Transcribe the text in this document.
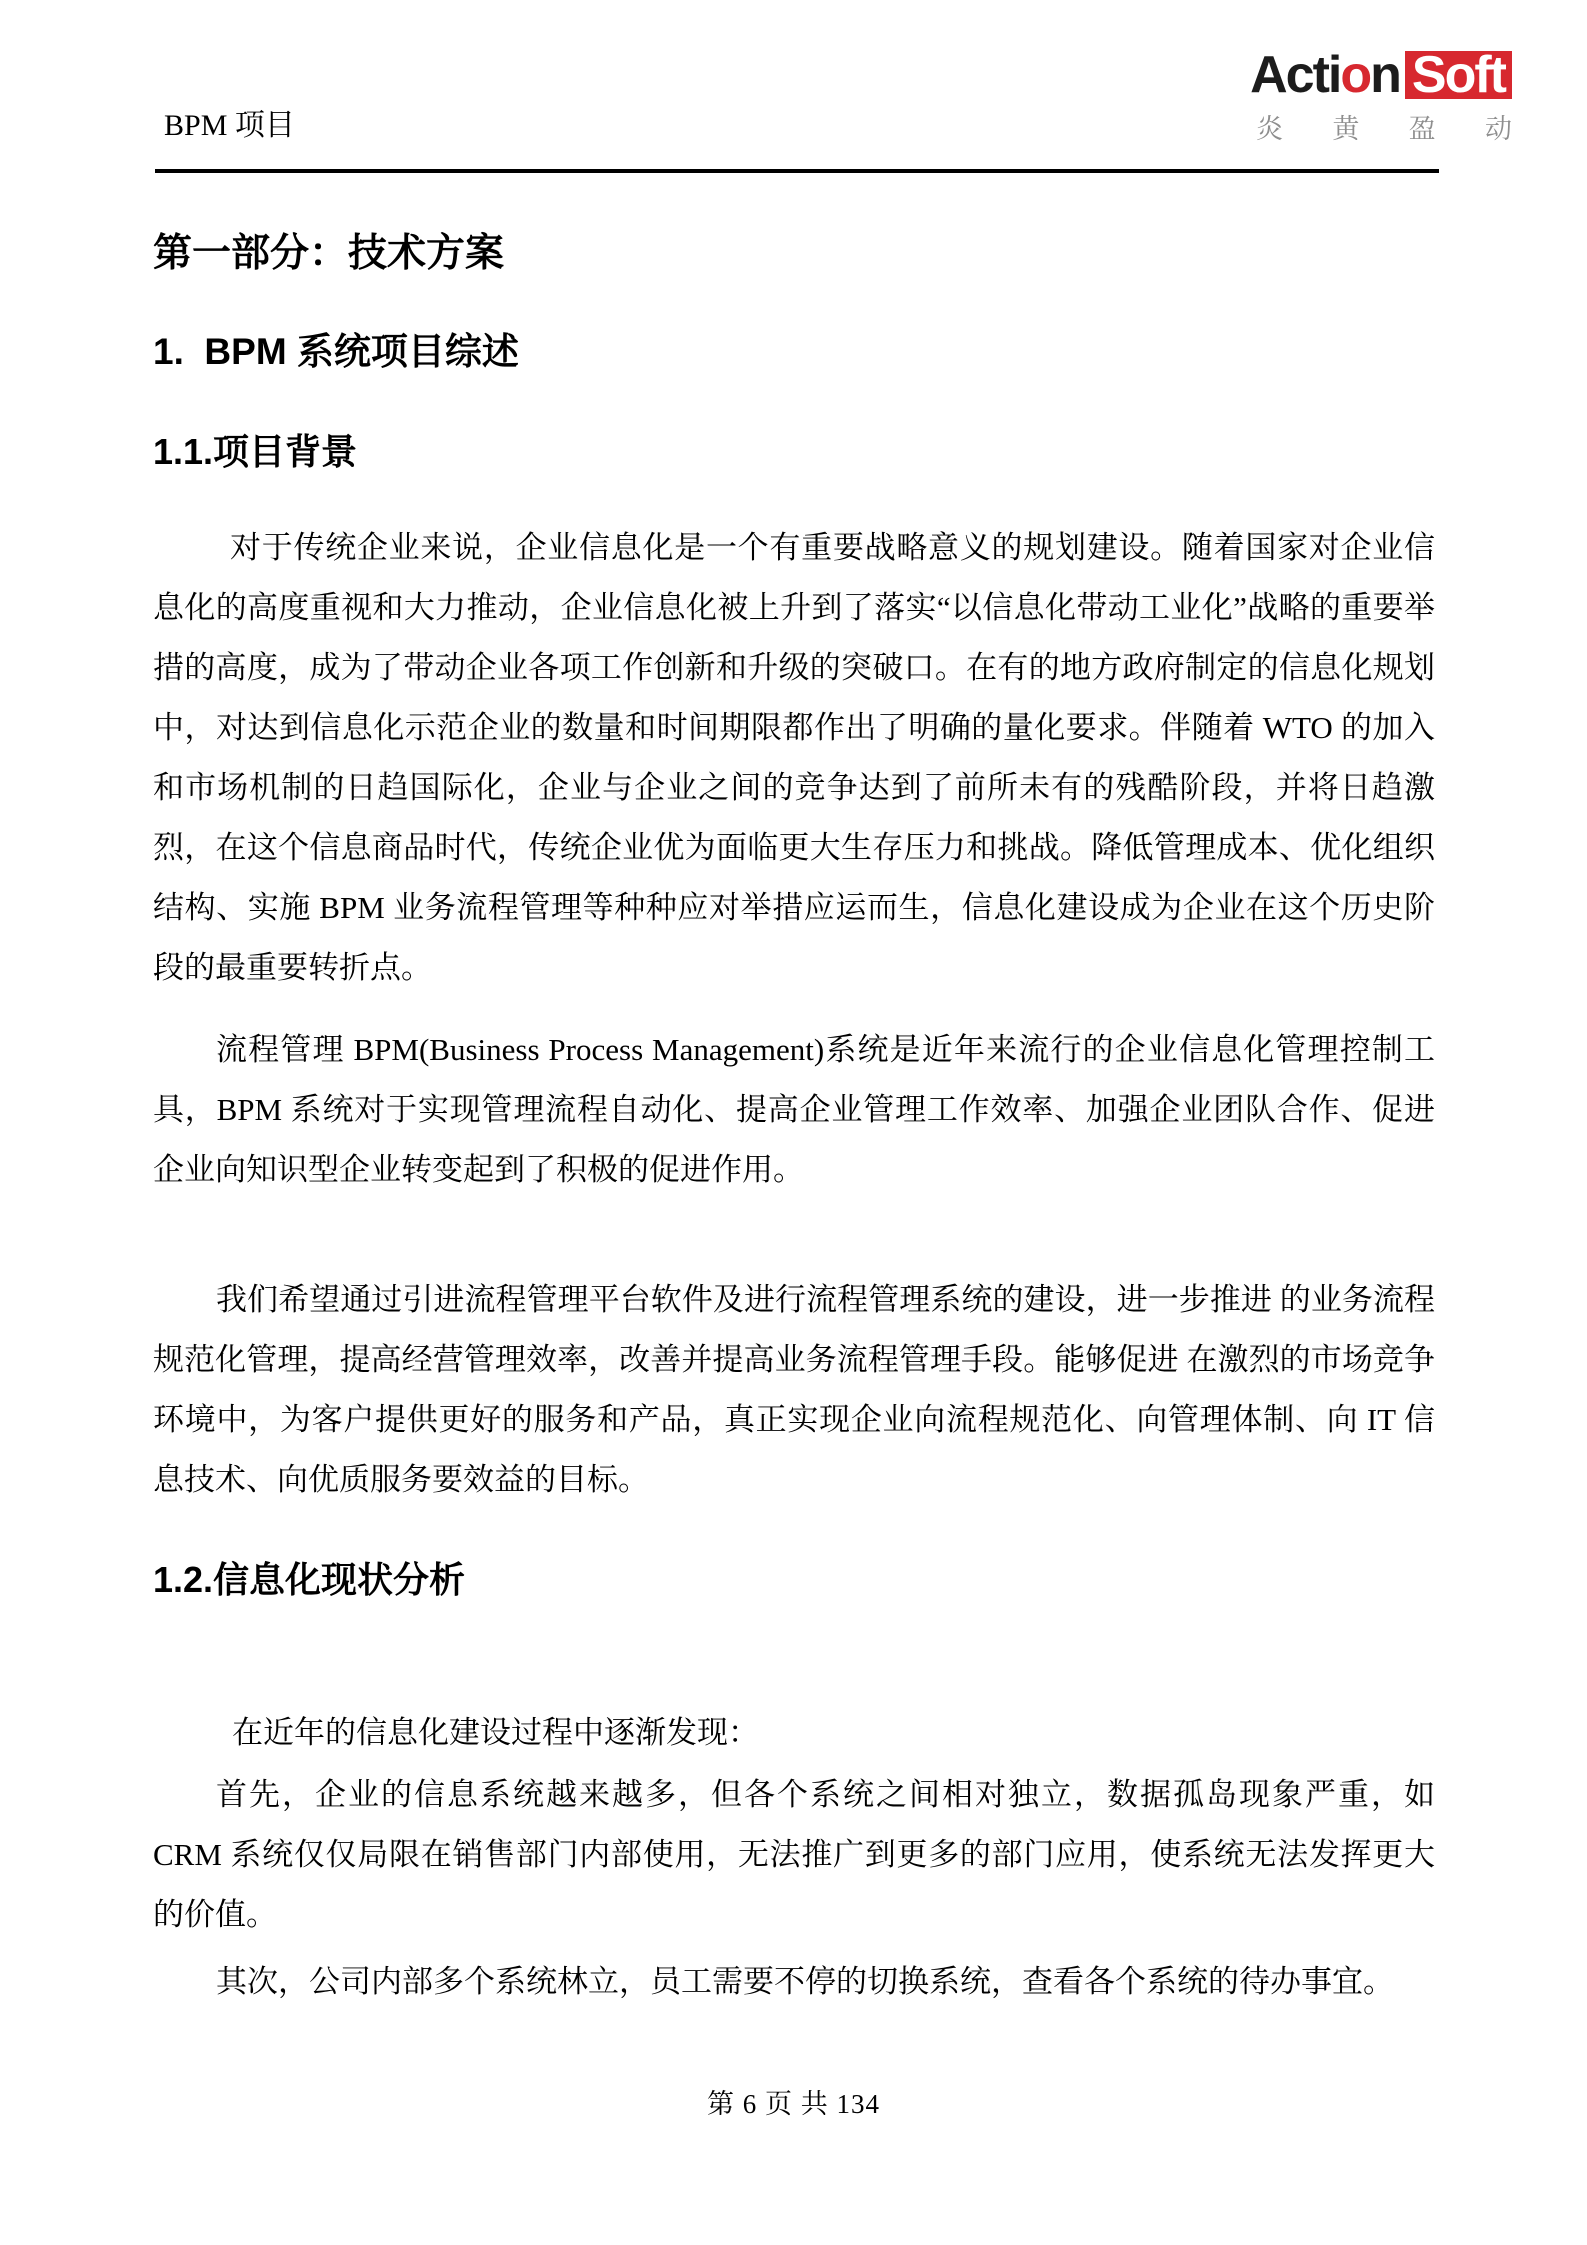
BPM 项目
Acti o n Soft
炎 黄 盈 动
第一部分：技术方案
1.  BPM 系统项目综述
1.1.项目背景

对于传统企业来说，企业信息化是一个有重要战略意义的规划建设。随着国家对企业信息化的高度重视和大力推动，企业信息化被上升到了落实“以信息化带动工业化”战略的重要举措的高度，成为了带动企业各项工作创新和升级的突破口。在有的地方政府制定的信息化规划中，对达到信息化示范企业的数量和时间期限都作出了明确的量化要求。伴随着 WTO 的加入和市场机制的日趋国际化，企业与企业之间的竞争达到了前所未有的残酷阶段，并将日趋激烈，在这个信息商品时代，传统企业优为面临更大生存压力和挑战。降低管理成本、优化组织结构、实施 BPM 业务流程管理等种种应对举措应运而生，信息化建设成为企业在这个历史阶段的最重要转折点。

流程管理 BPM(Business Process Management)系统是近年来流行的企业信息化管理控制工具，BPM 系统对于实现管理流程自动化、提高企业管理工作效率、加强企业团队合作、促进企业向知识型企业转变起到了积极的促进作用。

我们希望通过引进流程管理平台软件及进行流程管理系统的建设，进一步推进 的业务流程规范化管理，提高经营管理效率，改善并提高业务流程管理手段。能够促进 在激烈的市场竞争环境中，为客户提供更好的服务和产品，真正实现企业向流程规范化、向管理体制、向 IT 信息技术、向优质服务要效益的目标。

1.2.信息化现状分析

在近年的信息化建设过程中逐渐发现：

首先，企业的信息系统越来越多，但各个系统之间相对独立，数据孤岛现象严重，如 CRM 系统仅仅局限在销售部门内部使用，无法推广到更多的部门应用，使系统无法发挥更大的价值。

其次，公司内部多个系统林立，员工需要不停的切换系统，查看各个系统的待办事宜。

第 6 页 共 134
